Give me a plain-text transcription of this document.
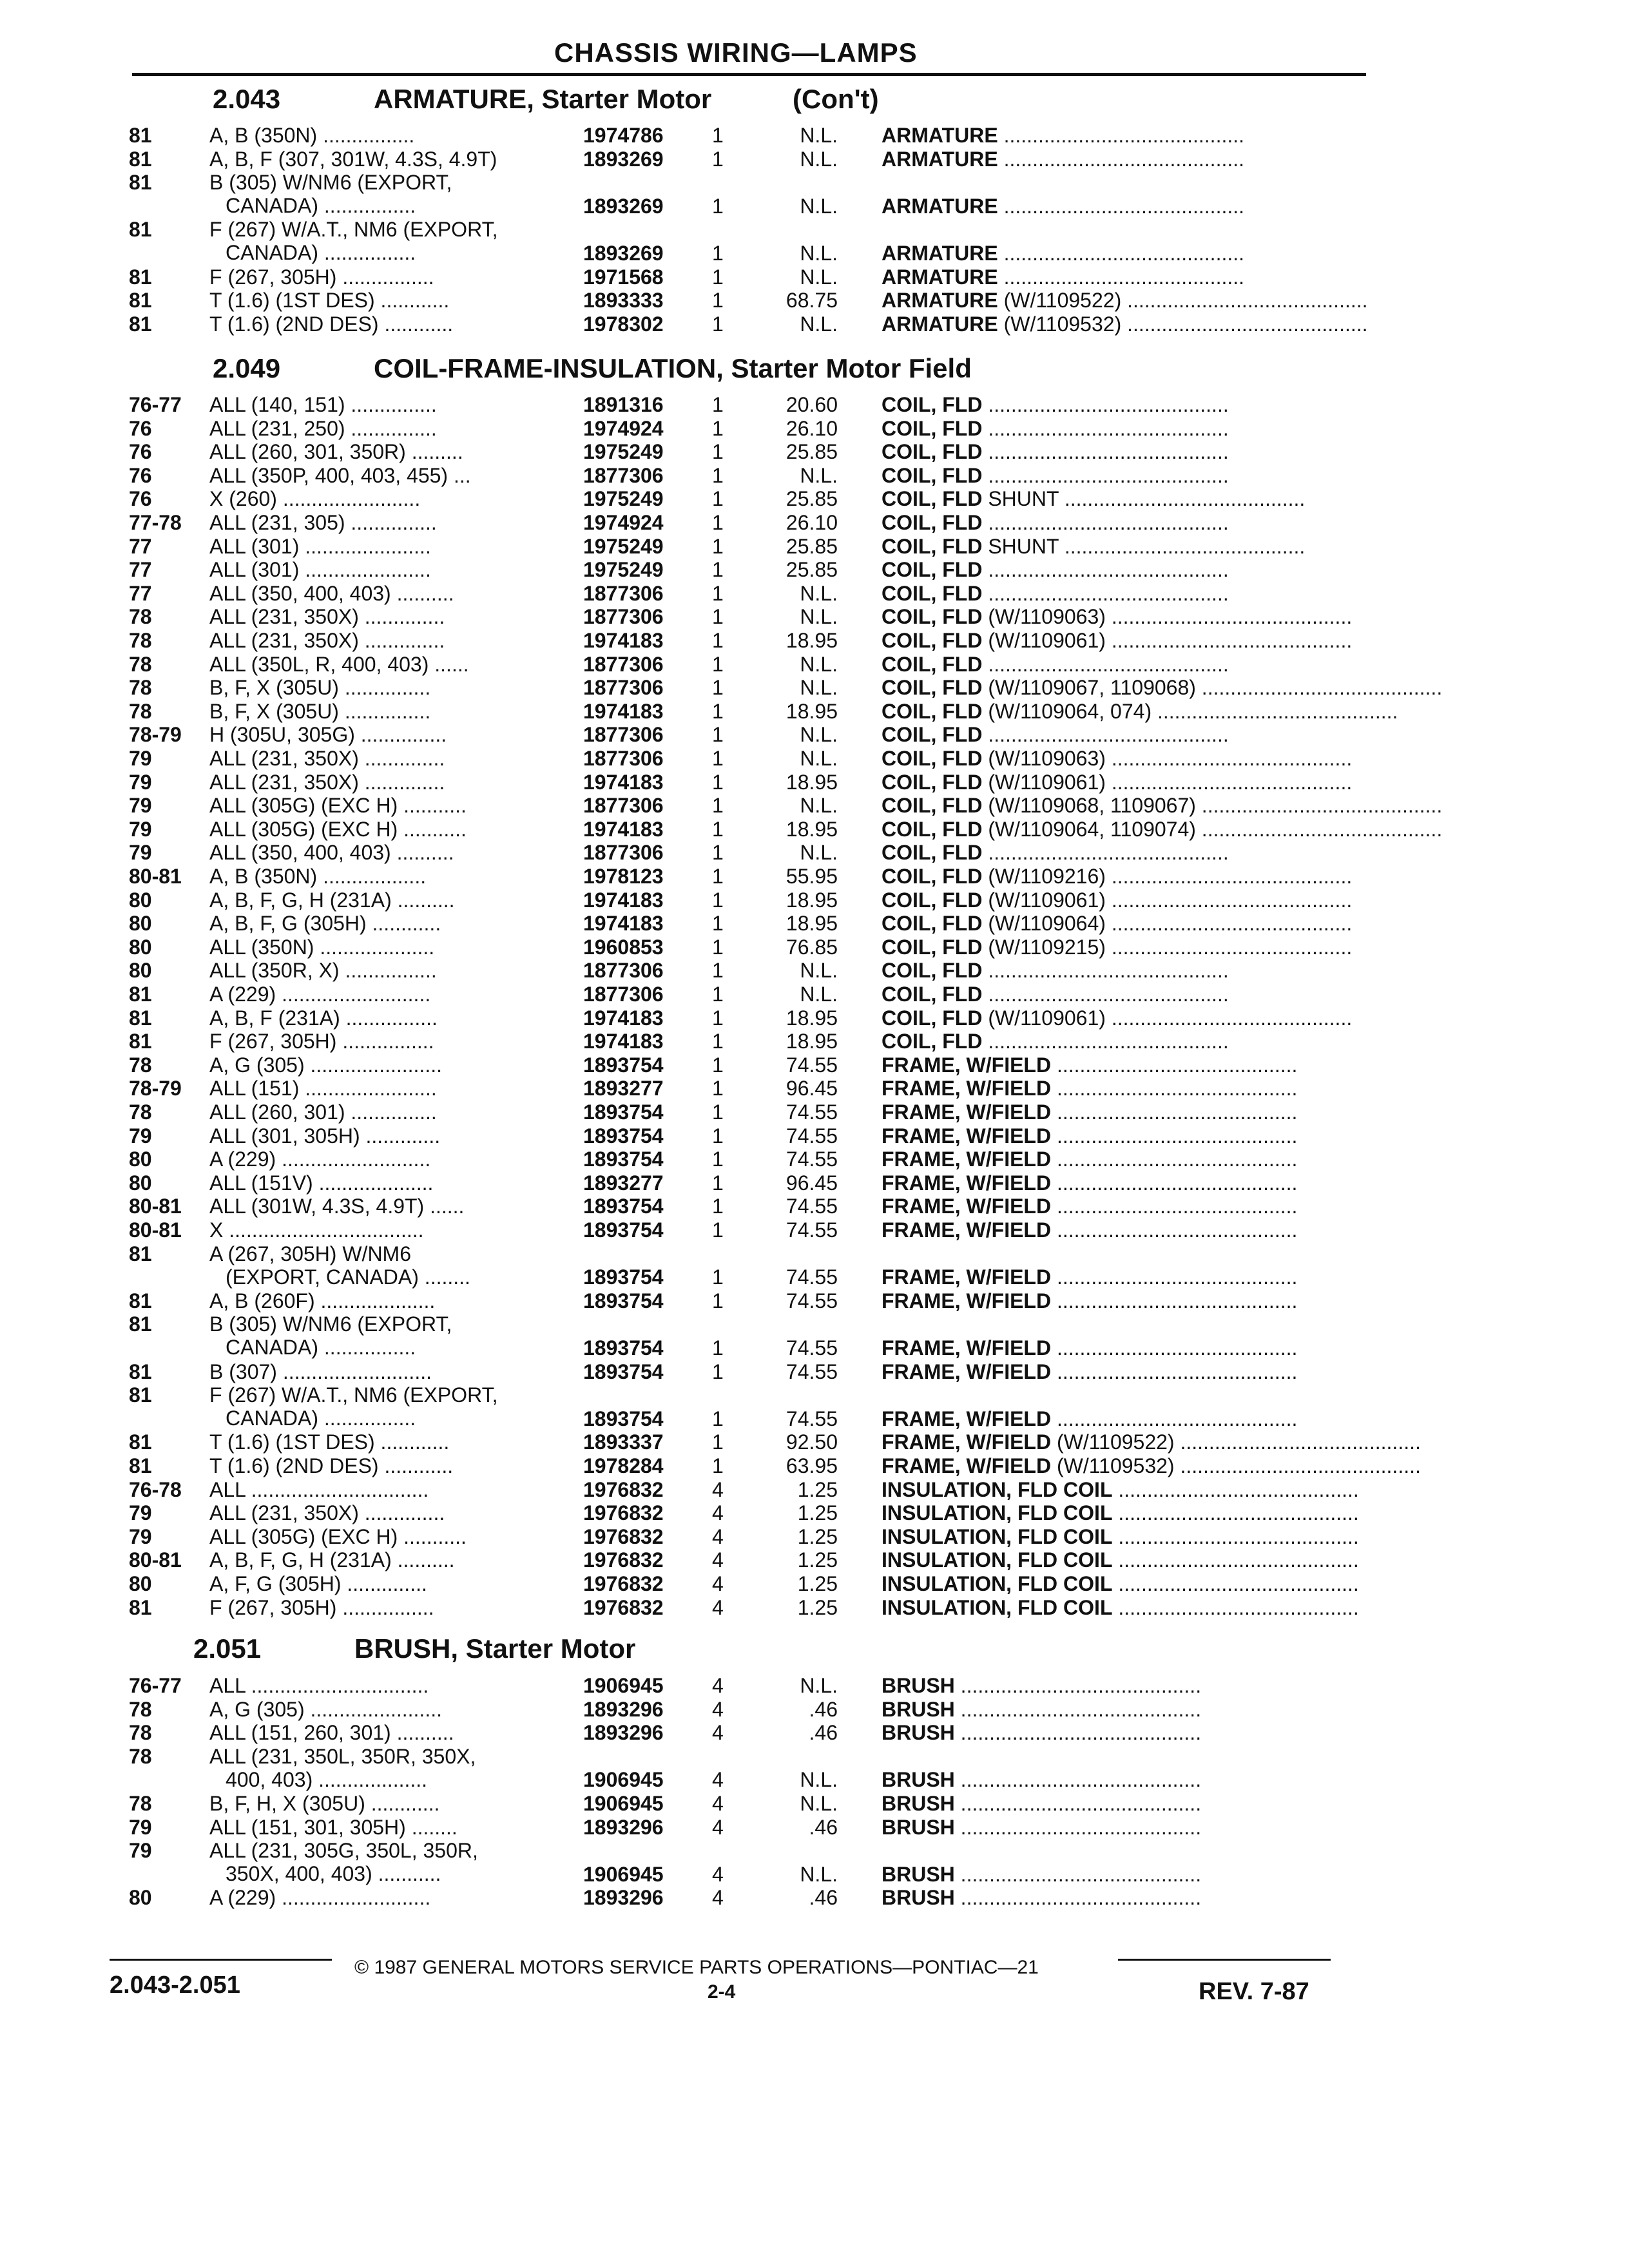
CHASSIS WIRING—LAMPS
2.043	ARMATURE, Starter Motor	(Con't)
81	A, B (350N) ................	1974786	1	N.L. ARMATURE ..........................................
81	A, B, F (307, 301W, 4.3S, 4.9T)	1893269	1	N.L. ARMATURE ..........................................
81	B (305) W/NM6 (EXPORT,
CANADA) ................	1893269	1	N.L. ARMATURE ..........................................
81	F (267) W/A.T., NM6 (EXPORT,
CANADA) ................	1893269	1	N.L. ARMATURE ..........................................
81	F (267, 305H) ................	1971568	1	N.L. ARMATURE ..........................................
81	T (1.6) (1ST DES) ............	1893333	1	68.75 ARMATURE (W/1109522) ..........................................
81	T (1.6) (2ND DES) ............	1978302	1	N.L. ARMATURE (W/1109532) ..........................................
2.049	COIL-FRAME-INSULATION, Starter Motor Field
76-77	ALL (140, 151) ...............	1891316	1	20.60 COIL, FLD ..........................................
76	ALL (231, 250) ...............	1974924	1	26.10 COIL, FLD ..........................................
76	ALL (260, 301, 350R) .........	1975249	1	25.85 COIL, FLD ..........................................
76	ALL (350P, 400, 403, 455) ...	1877306	1	N.L. COIL, FLD ..........................................
76	X (260) ........................	1975249	1	25.85 COIL, FLD SHUNT ..........................................
77-78	ALL (231, 305) ...............	1974924	1	26.10 COIL, FLD ..........................................
77	ALL (301) ......................	1975249	1	25.85 COIL, FLD SHUNT ..........................................
77	ALL (301) ......................	1975249	1	25.85 COIL, FLD ..........................................
77	ALL (350, 400, 403) ..........	1877306	1	N.L. COIL, FLD ..........................................
78	ALL (231, 350X) ..............	1877306	1	N.L. COIL, FLD (W/1109063) ..........................................
78	ALL (231, 350X) ..............	1974183	1	18.95 COIL, FLD (W/1109061) ..........................................
78	ALL (350L, R, 400, 403) ......	1877306	1	N.L. COIL, FLD ..........................................
78	B, F, X (305U) ...............	1877306	1	N.L. COIL, FLD (W/1109067, 1109068) ..........................................
78	B, F, X (305U) ...............	1974183	1	18.95 COIL, FLD (W/1109064, 074) ..........................................
78-79	H (305U, 305G) ...............	1877306	1	N.L. COIL, FLD ..........................................
79	ALL (231, 350X) ..............	1877306	1	N.L. COIL, FLD (W/1109063) ..........................................
79	ALL (231, 350X) ..............	1974183	1	18.95 COIL, FLD (W/1109061) ..........................................
79	ALL (305G) (EXC H) ...........	1877306	1	N.L. COIL, FLD (W/1109068, 1109067) ..........................................
79	ALL (305G) (EXC H) ...........	1974183	1	18.95 COIL, FLD (W/1109064, 1109074) ..........................................
79	ALL (350, 400, 403) ..........	1877306	1	N.L. COIL, FLD ..........................................
80-81	A, B (350N) ..................	1978123	1	55.95 COIL, FLD (W/1109216) ..........................................
80	A, B, F, G, H (231A) ..........	1974183	1	18.95 COIL, FLD (W/1109061) ..........................................
80	A, B, F, G (305H) ............	1974183	1	18.95 COIL, FLD (W/1109064) ..........................................
80	ALL (350N) ....................	1960853	1	76.85 COIL, FLD (W/1109215) ..........................................
80	ALL (350R, X) ................	1877306	1	N.L. COIL, FLD ..........................................
81	A (229) ..........................	1877306	1	N.L. COIL, FLD ..........................................
81	A, B, F (231A) ................	1974183	1	18.95 COIL, FLD (W/1109061) ..........................................
81	F (267, 305H) ................	1974183	1	18.95 COIL, FLD ..........................................
78	A, G (305) .......................	1893754	1	74.55 FRAME, W/FIELD ..........................................
78-79	ALL (151) .......................	1893277	1	96.45 FRAME, W/FIELD ..........................................
78	ALL (260, 301) ...............	1893754	1	74.55 FRAME, W/FIELD ..........................................
79	ALL (301, 305H) .............	1893754	1	74.55 FRAME, W/FIELD ..........................................
80	A (229) ..........................	1893754	1	74.55 FRAME, W/FIELD ..........................................
80	ALL (151V) ....................	1893277	1	96.45 FRAME, W/FIELD ..........................................
80-81	ALL (301W, 4.3S, 4.9T) ......	1893754	1	74.55 FRAME, W/FIELD ..........................................
80-81	X ..................................	1893754	1	74.55 FRAME, W/FIELD ..........................................
81	A (267, 305H) W/NM6
(EXPORT, CANADA) ........	1893754	1	74.55 FRAME, W/FIELD ..........................................
81	A, B (260F) ....................	1893754	1	74.55 FRAME, W/FIELD ..........................................
81	B (305) W/NM6 (EXPORT,
CANADA) ................	1893754	1	74.55 FRAME, W/FIELD ..........................................
81	B (307) ..........................	1893754	1	74.55 FRAME, W/FIELD ..........................................
81	F (267) W/A.T., NM6 (EXPORT,
CANADA) ................	1893754	1	74.55 FRAME, W/FIELD ..........................................
81	T (1.6) (1ST DES) ............	1893337	1	92.50 FRAME, W/FIELD (W/1109522) ..........................................
81	T (1.6) (2ND DES) ............	1978284	1	63.95 FRAME, W/FIELD (W/1109532) ..........................................
76-78	ALL ...............................	1976832	4	1.25 INSULATION, FLD COIL ..........................................
79	ALL (231, 350X) ..............	1976832	4	1.25 INSULATION, FLD COIL ..........................................
79	ALL (305G) (EXC H) ...........	1976832	4	1.25 INSULATION, FLD COIL ..........................................
80-81	A, B, F, G, H (231A) ..........	1976832	4	1.25 INSULATION, FLD COIL ..........................................
80	A, F, G (305H) ..............	1976832	4	1.25 INSULATION, FLD COIL ..........................................
81	F (267, 305H) ................	1976832	4	1.25 INSULATION, FLD COIL ..........................................
2.051	BRUSH, Starter Motor
76-77	ALL ...............................	1906945	4	N.L. BRUSH ..........................................
78	A, G (305) .......................	1893296	4	.46 BRUSH ..........................................
78	ALL (151, 260, 301) ..........	1893296	4	.46 BRUSH ..........................................
78	ALL (231, 350L, 350R, 350X,
400, 403) ...................	1906945	4	N.L. BRUSH ..........................................
78	B, F, H, X (305U) ............	1906945	4	N.L. BRUSH ..........................................
79	ALL (151, 301, 305H) ........	1893296	4	.46 BRUSH ..........................................
79	ALL (231, 305G, 350L, 350R,
350X, 400, 403) ...........	1906945	4	N.L. BRUSH ..........................................
80	A (229) ..........................	1893296	4	.46 BRUSH ..........................................
2.043-2.051
© 1987 GENERAL MOTORS SERVICE PARTS OPERATIONS—PONTIAC—21
2-4	REV. 7-87
